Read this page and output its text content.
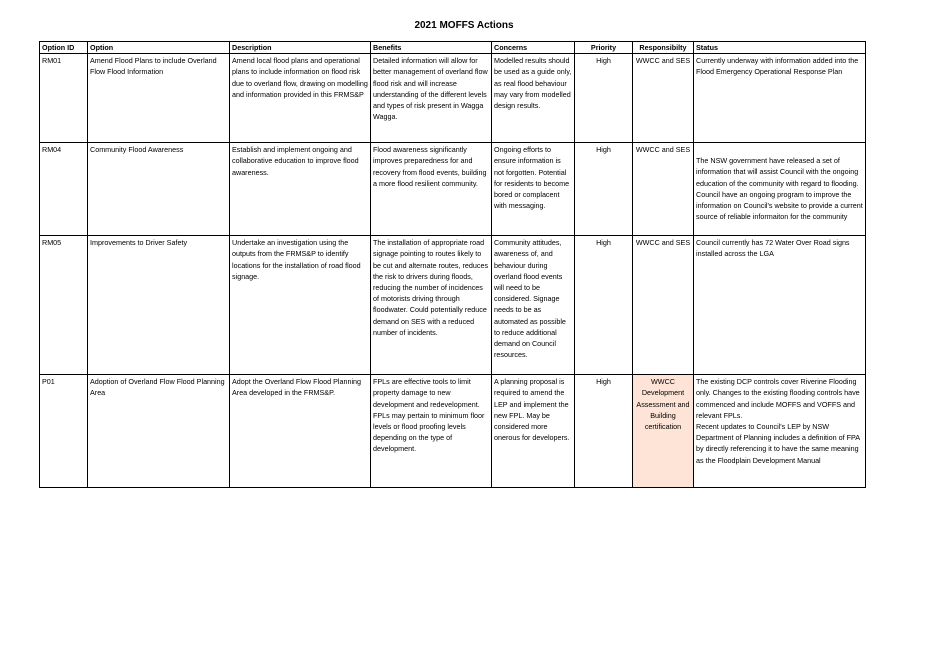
2021 MOFFS Actions
Option ID	Option	Description	Benefits	Concerns	Priority	Responsibilty	Status
RM01	Amend Flood Plans to include Overland Flow Flood Information	Amend local flood plans and operational plans to include information on flood risk due to overland flow, drawing on modelling and information provided in this FRMS&P	Detailed information will allow for better management of overland flow flood risk and will increase understanding of the different levels and types of risk present in Wagga Wagga.	Modelled results should be used as a guide only, as real flood behaviour may vary from modelled design results.	High	WWCC and SES	Currently underway with information added into the Flood Emergency Operational Response Plan
RM04	Community Flood Awareness	Establish and implement ongoing and collaborative education to improve flood awareness.	Flood awareness significantly improves preparedness for and recovery from flood events, building a more flood resilient community.	Ongoing efforts to ensure information is not forgotten. Potential for residents to become bored or complacent with messaging.	High	WWCC and SES	The NSW government have released a set of information that will assist Council with the ongoing education of the community with regard to flooding. Council have an ongoing program to improve the information on Council's website to provide a current source of reliable informaiton for the community
RM05	Improvements to Driver Safety	Undertake an investigation using the outputs from the FRMS&P to identify locations for the installation of road flood signage.	The installation of appropriate road signage pointing to routes likely to be cut and alternate routes, reduces the risk to drivers during floods, reducing the number of incidences of motorists driving through floodwater. Could potentially reduce demand on SES with a reduced number of incidents.	Community attitudes, awareness of, and behaviour during overland flood events will need to be considered. Signage needs to be as automated as possible to reduce additional demand on Council resources.	High	WWCC and SES	Council currently has 72 Water Over Road signs installed across the LGA
P01	Adoption of Overland Flow Flood Planning Area	Adopt the Overland Flow Flood Planning Area developed in the FRMS&P.	FPLs are effective tools to limit property damage to new development and redevelopment. FPLs may pertain to minimum floor levels or flood proofing levels depending on the type of development.	A planning proposal is required to amend the LEP and implement the new FPL. May be considered more onerous for developers.	High	WWCC Development Assessment and Building certification	The existing DCP controls cover Riverine Flooding only. Changes to the existing flooding controls have commenced and include MOFFS and VOFFS and relevant FPLs.
Recent updates to Council's LEP by NSW Department of Planning includes a definition of FPA by directly referencing it to have the same meaning as the Floodplain Development Manual
